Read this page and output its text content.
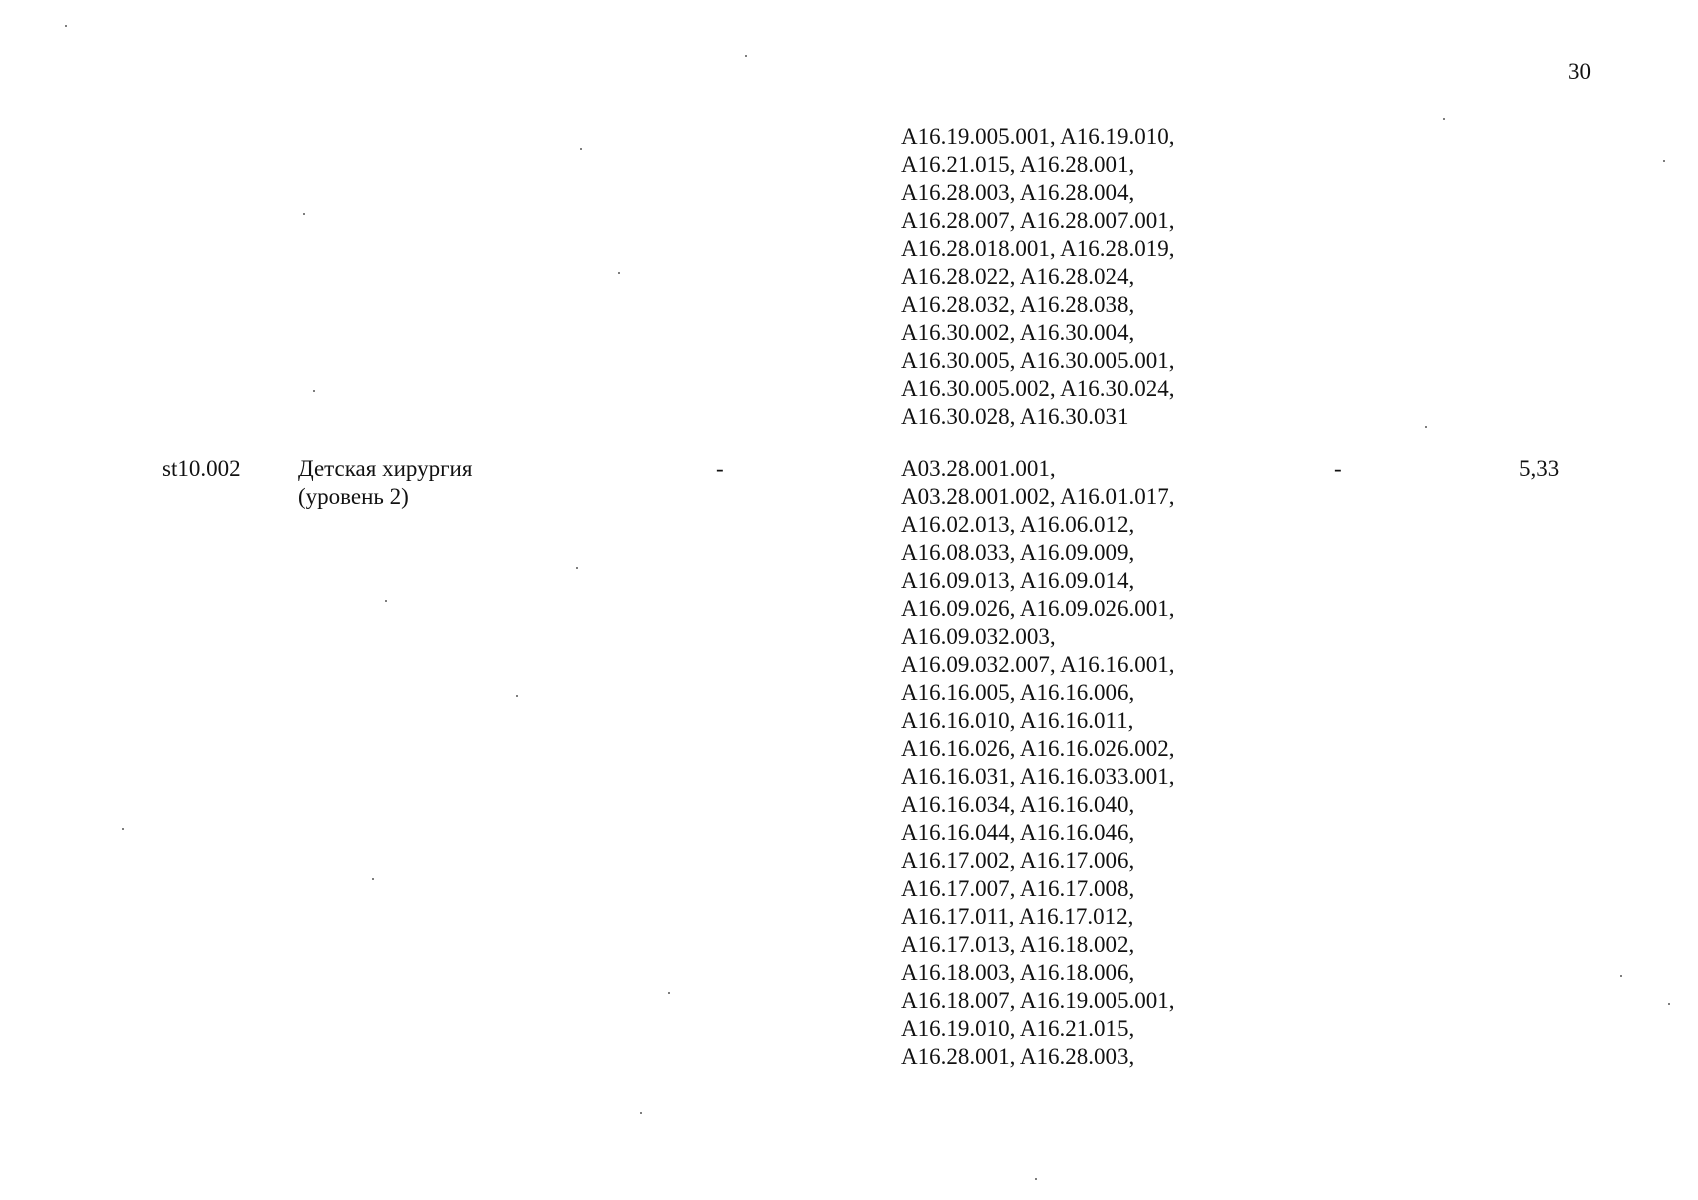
30
A16.19.005.001, A16.19.010,
A16.21.015, A16.28.001,
A16.28.003, A16.28.004,
A16.28.007, A16.28.007.001,
A16.28.018.001, A16.28.019,
A16.28.022, A16.28.024,
A16.28.032, A16.28.038,
A16.30.002, A16.30.004,
A16.30.005, A16.30.005.001,
A16.30.005.002, A16.30.024,
A16.30.028, A16.30.031
st10.002 Детская хирургия
(уровень 2)
-	A03.28.001.001,
A03.28.001.002, A16.01.017,
A16.02.013, A16.06.012,
A16.08.033, A16.09.009,
A16.09.013, A16.09.014,
A16.09.026, A16.09.026.001,
A16.09.032.003,
A16.09.032.007, A16.16.001,
A16.16.005, A16.16.006,
A16.16.010, A16.16.011,
A16.16.026, A16.16.026.002,
A16.16.031, A16.16.033.001,
A16.16.034, A16.16.040,
A16.16.044, A16.16.046,
A16.17.002, A16.17.006,
A16.17.007, A16.17.008,
A16.17.011, A16.17.012,
A16.17.013, A16.18.002,
A16.18.003, A16.18.006,
A16.18.007, A16.19.005.001,
A16.19.010, A16.21.015,
A16.28.001, A16.28.003,
-	5,33
